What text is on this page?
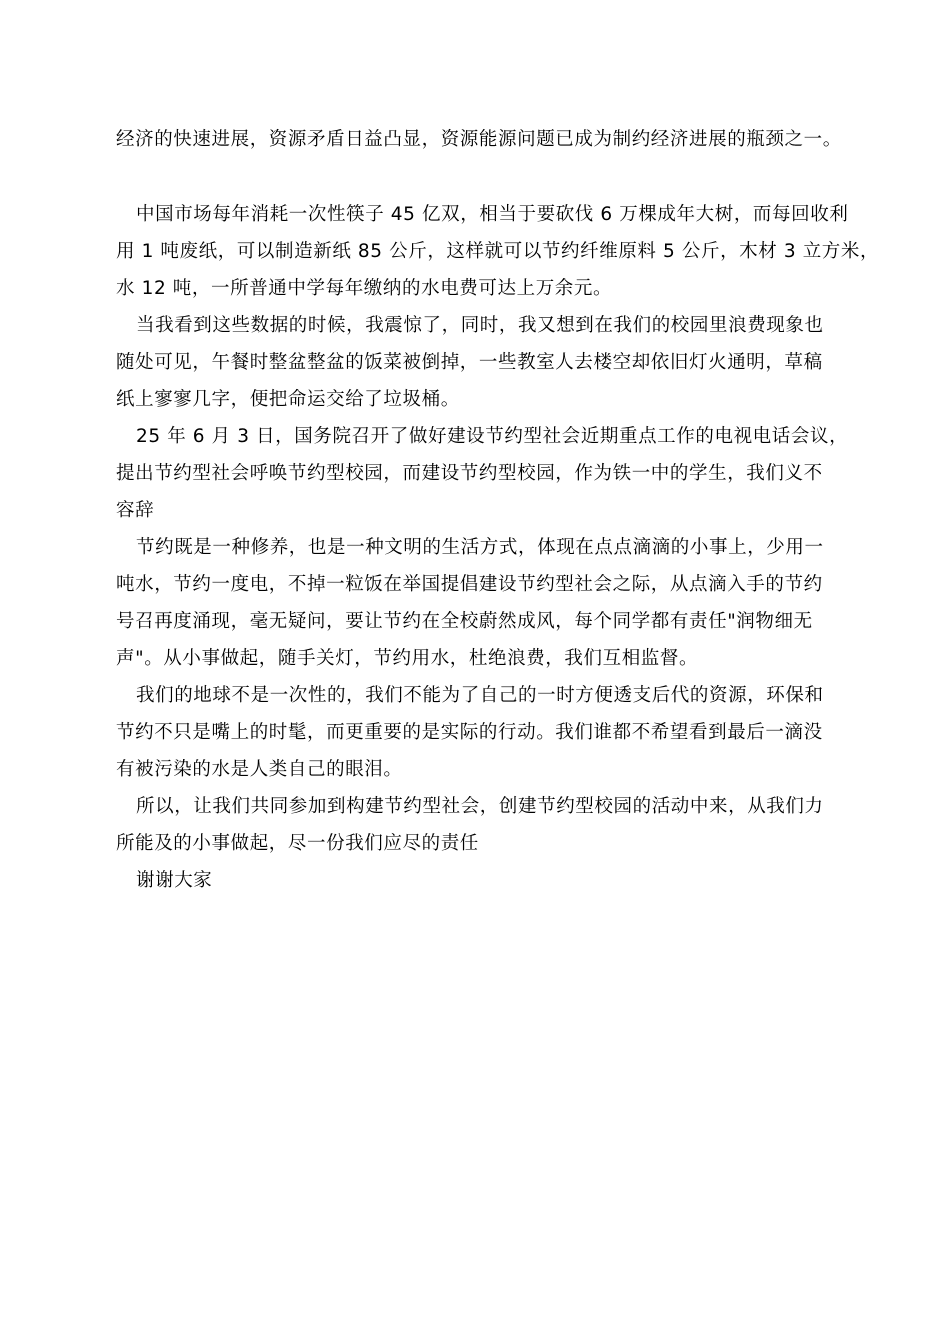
经济的快速进展，资源矛盾日益凸显，资源能源问题已成为制约经济进展的瓶颈之一。

中国市场每年消耗一次性筷子 45 亿双，相当于要砍伐 6 万棵成年大树，而每回收利

用 1 吨废纸，可以制造新纸 85 公斤，这样就可以节约纤维原料 5 公斤，木材 3 立方米，

水 12 吨，一所普通中学每年缴纳的水电费可达上万余元。

当我看到这些数据的时候，我震惊了，同时，我又想到在我们的校园里浪费现象也

随处可见，午餐时整盆整盆的饭菜被倒掉，一些教室人去楼空却依旧灯火通明，草稿

纸上寥寥几字，便把命运交给了垃圾桶。

25 年 6 月 3 日，国务院召开了做好建设节约型社会近期重点工作的电视电话会议，

提出节约型社会呼唤节约型校园，而建设节约型校园，作为铁一中的学生，我们义不

容辞

节约既是一种修养，也是一种文明的生活方式，体现在点点滴滴的小事上，少用一

吨水，节约一度电，不掉一粒饭在举国提倡建设节约型社会之际，从点滴入手的节约

号召再度涌现，毫无疑问，要让节约在全校蔚然成风，每个同学都有责任"润物细无

声"。从小事做起，随手关灯，节约用水，杜绝浪费，我们互相监督。

我们的地球不是一次性的，我们不能为了自己的一时方便透支后代的资源，环保和

节约不只是嘴上的时髦，而更重要的是实际的行动。我们谁都不希望看到最后一滴没

有被污染的水是人类自己的眼泪。

所以，让我们共同参加到构建节约型社会，创建节约型校园的活动中来，从我们力

所能及的小事做起，尽一份我们应尽的责任

谢谢大家
